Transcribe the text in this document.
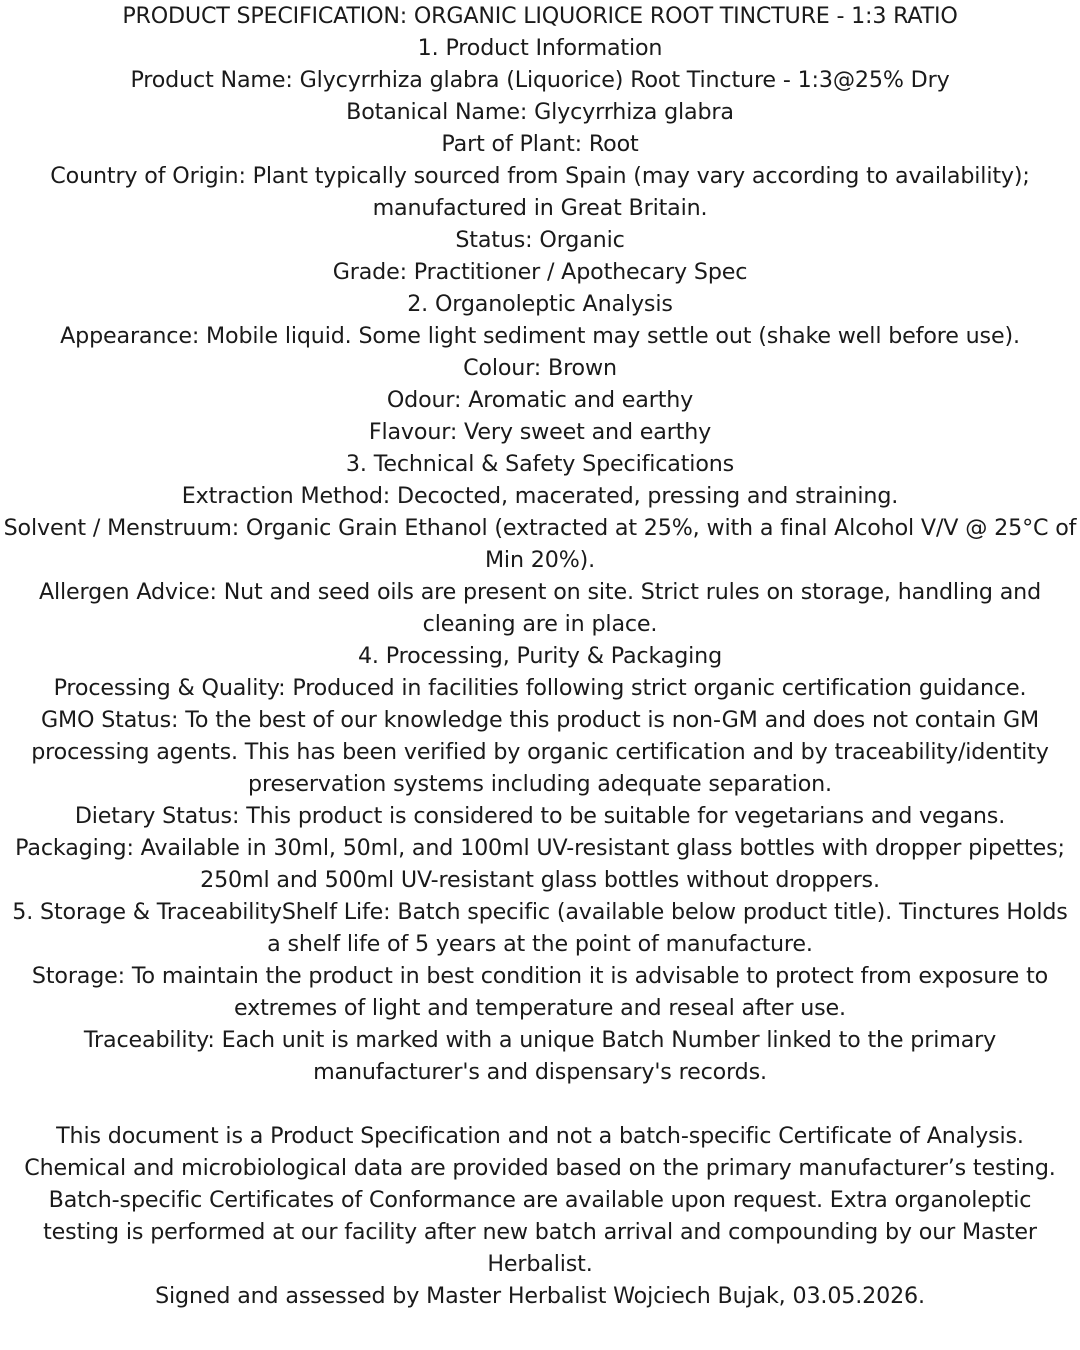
PRODUCT SPECIFICATION: ORGANIC LIQUORICE ROOT TINCTURE - 1:3 RATIO
1. Product Information
Product Name: Glycyrrhiza glabra (Liquorice) Root Tincture - 1:3@25% Dry
Botanical Name: Glycyrrhiza glabra
Part of Plant: Root
Country of Origin: Plant typically sourced from Spain (may vary according to availability);
manufactured in Great Britain.
Status: Organic
Grade: Practitioner / Apothecary Spec
2. Organoleptic Analysis
Appearance: Mobile liquid. Some light sediment may settle out (shake well before use).
Colour: Brown
Odour: Aromatic and earthy
Flavour: Very sweet and earthy
3. Technical & Safety Specifications
Extraction Method: Decocted, macerated, pressing and straining.
Solvent / Menstruum: Organic Grain Ethanol (extracted at 25%, with a final Alcohol V/V @ 25°C of
Min 20%).
Allergen Advice: Nut and seed oils are present on site. Strict rules on storage, handling and
cleaning are in place.
4. Processing, Purity & Packaging
Processing & Quality: Produced in facilities following strict organic certification guidance.
GMO Status: To the best of our knowledge this product is non-GM and does not contain GM
processing agents. This has been verified by organic certification and by traceability/identity
preservation systems including adequate separation.
Dietary Status: This product is considered to be suitable for vegetarians and vegans.
Packaging: Available in 30ml, 50ml, and 100ml UV-resistant glass bottles with dropper pipettes;
250ml and 500ml UV-resistant glass bottles without droppers.
5. Storage & TraceabilityShelf Life: Batch specific (available below product title). Tinctures Holds
a shelf life of 5 years at the point of manufacture.
Storage: To maintain the product in best condition it is advisable to protect from exposure to
extremes of light and temperature and reseal after use.
Traceability: Each unit is marked with a unique Batch Number linked to the primary
manufacturer's and dispensary's records.
This document is a Product Specification and not a batch-specific Certificate of Analysis.
Chemical and microbiological data are provided based on the primary manufacturer’s testing.
Batch-specific Certificates of Conformance are available upon request. Extra organoleptic
testing is performed at our facility after new batch arrival and compounding by our Master
Herbalist.
Signed and assessed by Master Herbalist Wojciech Bujak, 03.05.2026.
